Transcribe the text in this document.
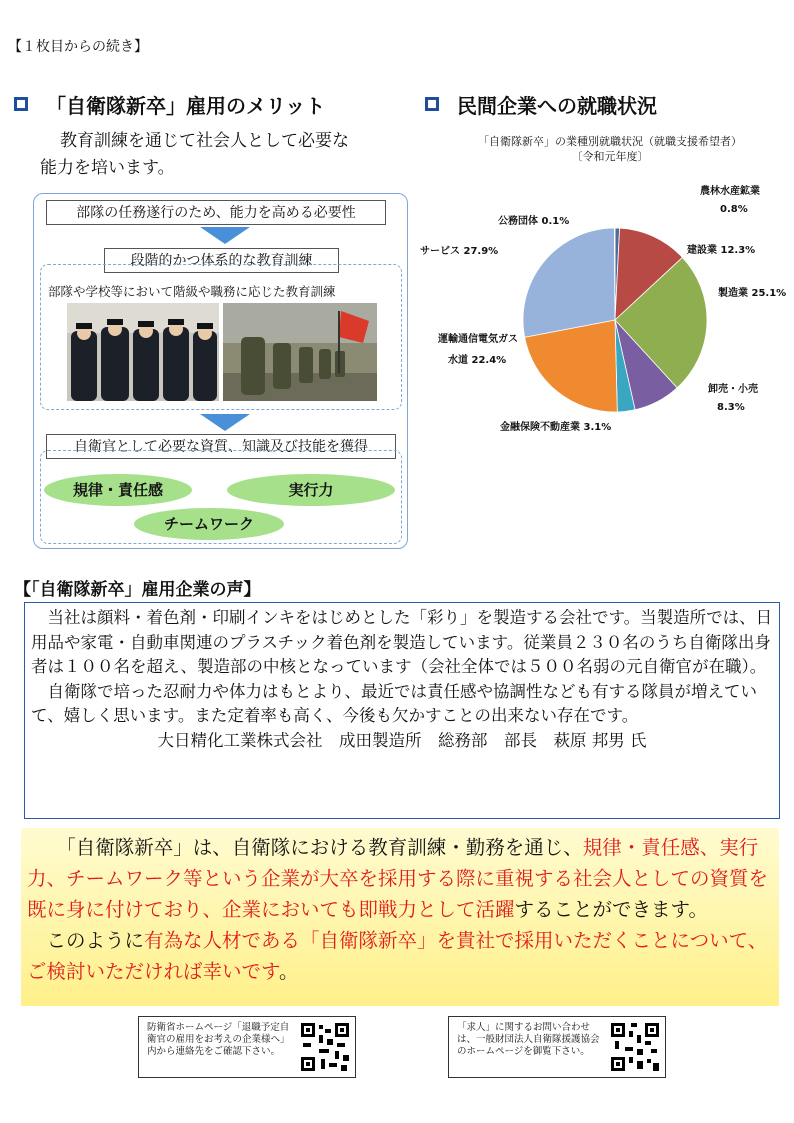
【１枚目からの続き】
「自衛隊新卒」雇用のメリット	民間企業への就職状況
教育訓練を通じて社会人として必要な
能力を培います。
部隊の任務遂行のため、能力を高める必要性
段階的かつ体系的な教育訓練
部隊や学校等において階級や職務に応じた教育訓練
自衛官として必要な資質、知識及び技能を獲得
規律・責任感	実行力
チームワーク
「自衛隊新卒」の業種別就職状況（就職支援希望者）
〔令和元年度〕
農林水産鉱業
0.8%
建設業 12.3%
製造業 25.1%
卸売・小売
8.3%
金融保険不動産業 3.1%
運輸通信電気ガス
水道 22.4%
サービス 27.9%
公務団体 0.1%
【「自衛隊新卒」雇用企業の声】
当社は顔料・着色剤・印刷インキをはじめとした「彩り」を製造する会社です。当製造所では、日用品や家電・自動車関連のプラスチック着色剤を製造しています。従業員２３０名のうち自衛隊出身者は１００名を超え、製造部の中核となっています（会社全体では５００名弱の元自衛官が在職）。
自衛隊で培った忍耐力や体力はもとより、最近では責任感や協調性なども有する隊員が増えていて、嬉しく思います。また定着率も高く、今後も欠かすことの出来ない存在です。
大日精化工業株式会社　成田製造所　総務部　部長　萩原 邦男 氏
「自衛隊新卒」は、自衛隊における教育訓練・勤務を通じ、規律・責任感、実行力、チームワーク等という企業が大卒を採用する際に重視する社会人としての資質を既に身に付けており、企業においても即戦力として活躍することができます。
このように有為な人材である「自衛隊新卒」を貴社で採用いただくことについて、ご検討いただければ幸いです。
防衛省ホームページ「退職予定自衛官の雇用をお考えの企業様へ」内から連絡先をご確認下さい。
「求人」に関するお問い合わせは、一般財団法人自衛隊援護協会のホームページを御覧下さい。
